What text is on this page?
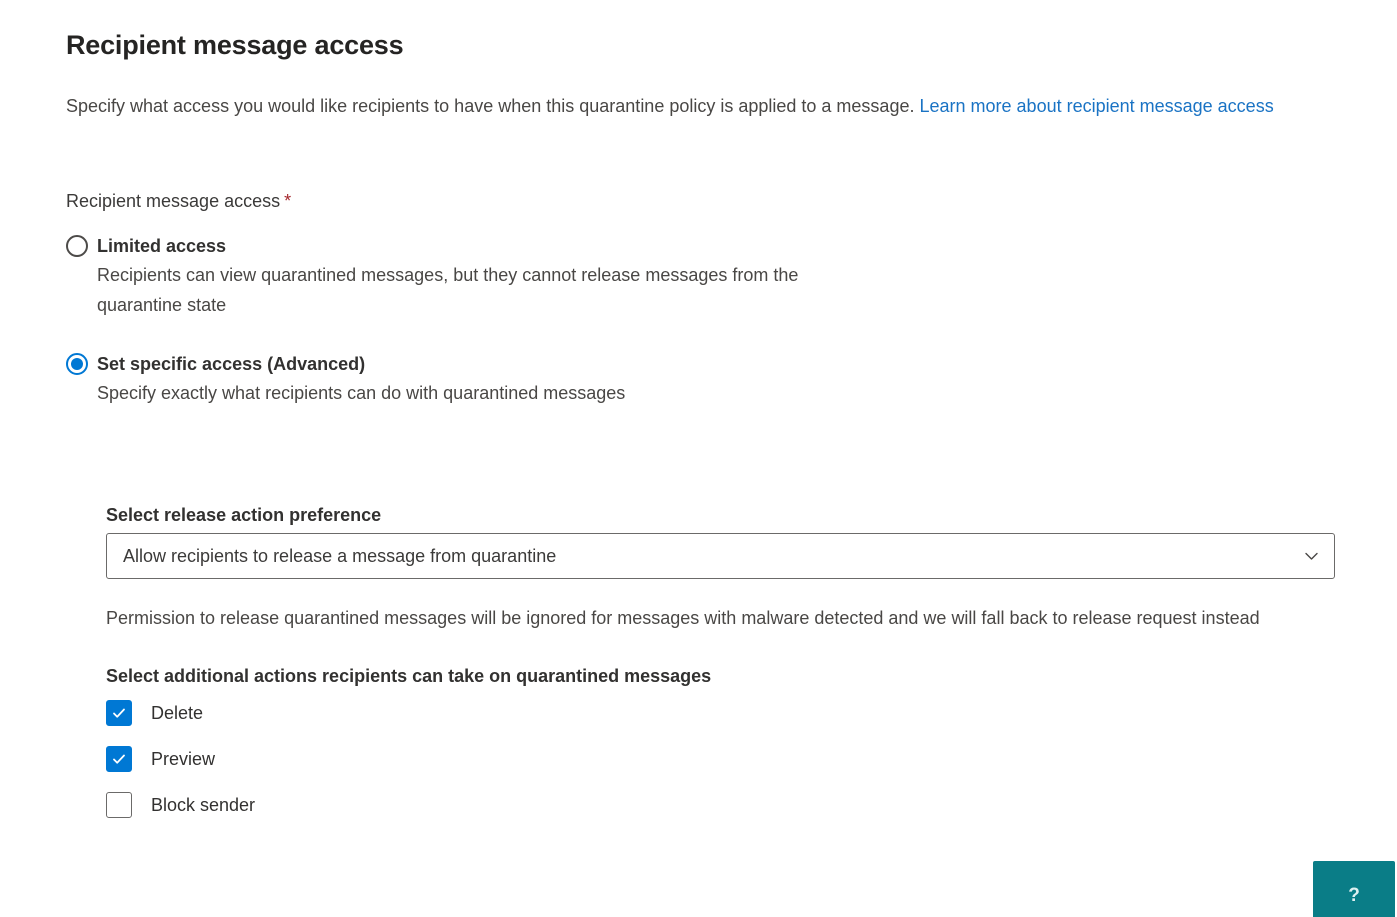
Recipient message access

Specify what access you would like recipients to have when this quarantine policy is applied to a message. Learn more about recipient message access

Recipient message access *
Limited access
Recipients can view quarantined messages, but they cannot release messages from the quarantine state
Set specific access (Advanced)
Specify exactly what recipients can do with quarantined messages
Select release action preference
Allow recipients to release a message from quarantine

Permission to release quarantined messages will be ignored for messages with malware detected and we will fall back to release request instead

Select additional actions recipients can take on quarantined messages
Delete
Preview
Block sender
?
